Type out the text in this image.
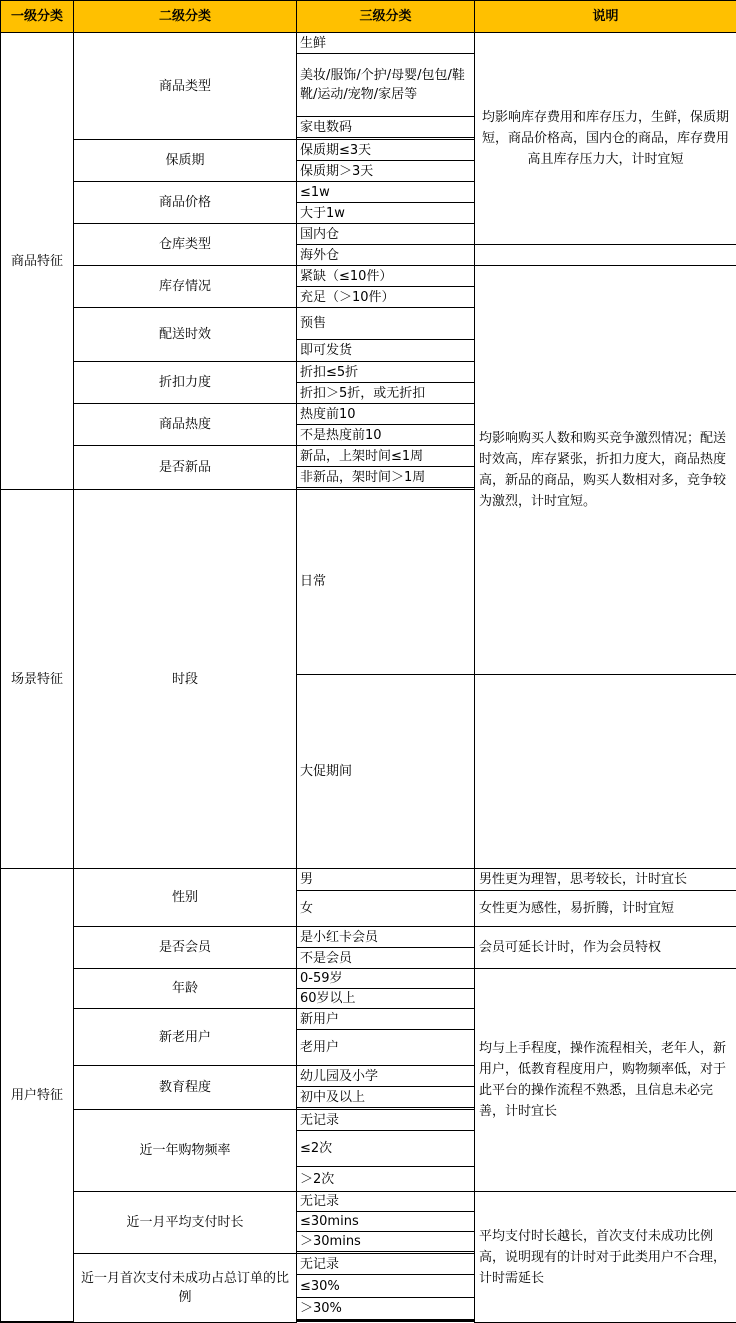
一级分类	二级分类	三级分类	说明	
商品特征	商品类型	生鲜	均影响库存费用和库存压力，生鲜，保质期短，商品价格高，国内仓的商品，库存费用高且库存压力大，计时宜短	
		美妆/服饰/个护/母婴/包包/鞋靴/运动/宠物/家居等		
		家电数码		

	保质期	保质期≤3天		
		保质期＞3天		
	商品价格	≤1w		
		大于1w		
	仓库类型	国内仓		
		海外仓		
	库存情况	紧缺（≤10件）	均影响购买人数和购买竞争激烈情况；配送时效高，库存紧张，折扣力度大，商品热度高，新品的商品，购买人数相对多，竞争较为激烈，计时宜短。	
		充足（＞10件）		
	配送时效	预售		
		即可发货		
	折扣力度	折扣≤5折		
		折扣＞5折，或无折扣		
	商品热度	热度前10		
		不是热度前10		
	是否新品	新品，上架时间≤1周		
		非新品，架时间＞1周		

场景特征	时段	日常	
		大促期间		
用户特征	性别	男	男性更为理智，思考较长，计时宜长	
		女	女性更为感性，易折腾，计时宜短	
	是否会员	是小红卡会员	会员可延长计时，作为会员特权	
		不是会员		
	年龄	0-59岁	均与上手程度，操作流程相关，老年人，新用户，低教育程度用户，购物频率低，对于此平台的操作流程不熟悉，且信息未必完善，计时宜长	
		60岁以上		
	新老用户	新用户		
		老用户		
	教育程度	幼儿园及小学		
		初中及以上		

	近一年购物频率	无记录		
		≤2次		
		＞2次		
	近一月平均支付时长	无记录	平均支付时长越长，首次支付未成功比例高，说明现有的计时对于此类用户不合理，计时需延长	
		≤30mins		
		＞30mins		

	近一月首次支付未成功占总订单的比例	无记录		
		≤30%		
		＞30%		
